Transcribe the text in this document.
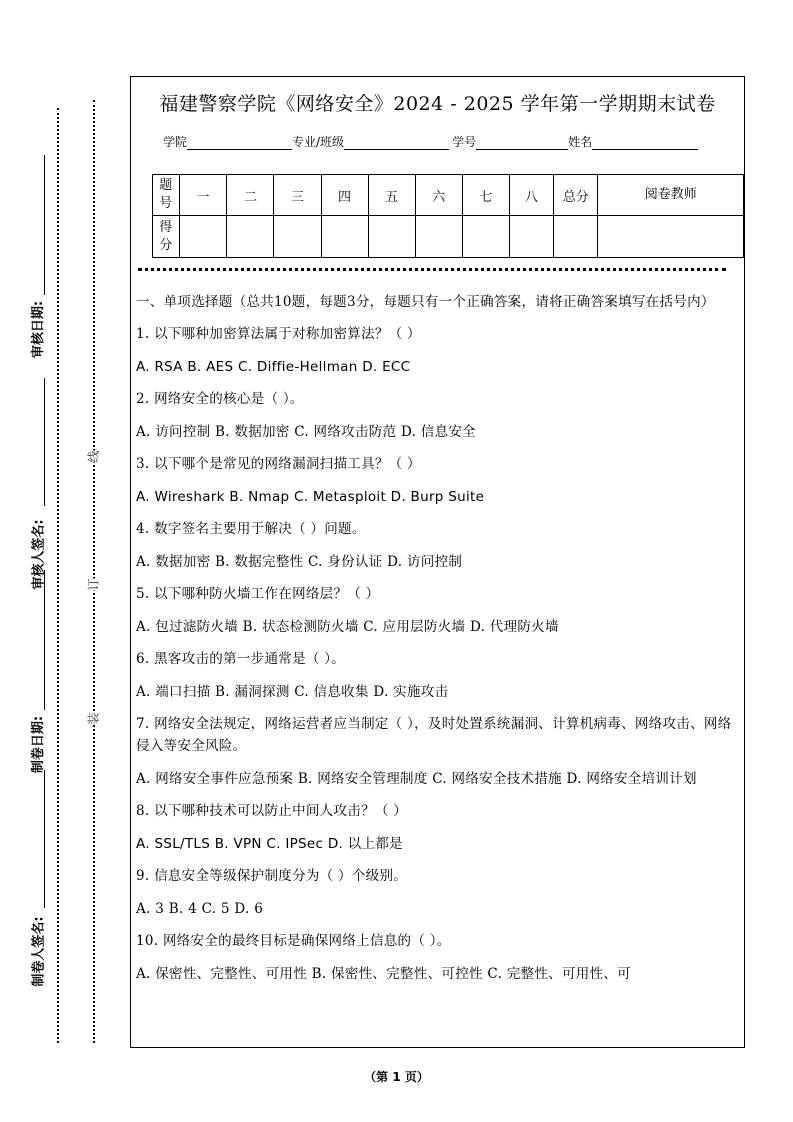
审核日期:
审核人签名:
制卷日期:
制卷人签名:
线
订
装
福建警察学院《网络安全》2024 - 2025 学年第一学期期末试卷
学院	专业/班级	学号	姓名
题号	一	二	三	四	五	六	七	八	总分	阅卷教师
得分										

一、单项选择题（总共10题，每题3分，每题只有一个正确答案，请将正确答案填写在括号内）

1. 以下哪种加密算法属于对称加密算法？（ ）

A. RSA B. AES C. Diffie-Hellman D. ECC

2. 网络安全的核心是（ ）。

A. 访问控制 B. 数据加密 C. 网络攻击防范 D. 信息安全

3. 以下哪个是常见的网络漏洞扫描工具？（ ）

A. Wireshark B. Nmap C. Metasploit D. Burp Suite

4. 数字签名主要用于解决（ ）问题。

A. 数据加密 B. 数据完整性 C. 身份认证 D. 访问控制

5. 以下哪种防火墙工作在网络层？（ ）

A. 包过滤防火墙 B. 状态检测防火墙 C. 应用层防火墙 D. 代理防火墙

6. 黑客攻击的第一步通常是（ ）。

A. 端口扫描 B. 漏洞探测 C. 信息收集 D. 实施攻击

7. 网络安全法规定，网络运营者应当制定（ ），及时处置系统漏洞、计算机病毒、网络攻击、网络侵入等安全风险。

A. 网络安全事件应急预案 B. 网络安全管理制度 C. 网络安全技术措施 D. 网络安全培训计划

8. 以下哪种技术可以防止中间人攻击？（ ）

A. SSL/TLS B. VPN C. IPSec D. 以上都是

9. 信息安全等级保护制度分为（ ）个级别。

A. 3 B. 4 C. 5 D. 6

10. 网络安全的最终目标是确保网络上信息的（ ）。

A. 保密性、完整性、可用性 B. 保密性、完整性、可控性 C. 完整性、可用性、可

（第 1 页）
